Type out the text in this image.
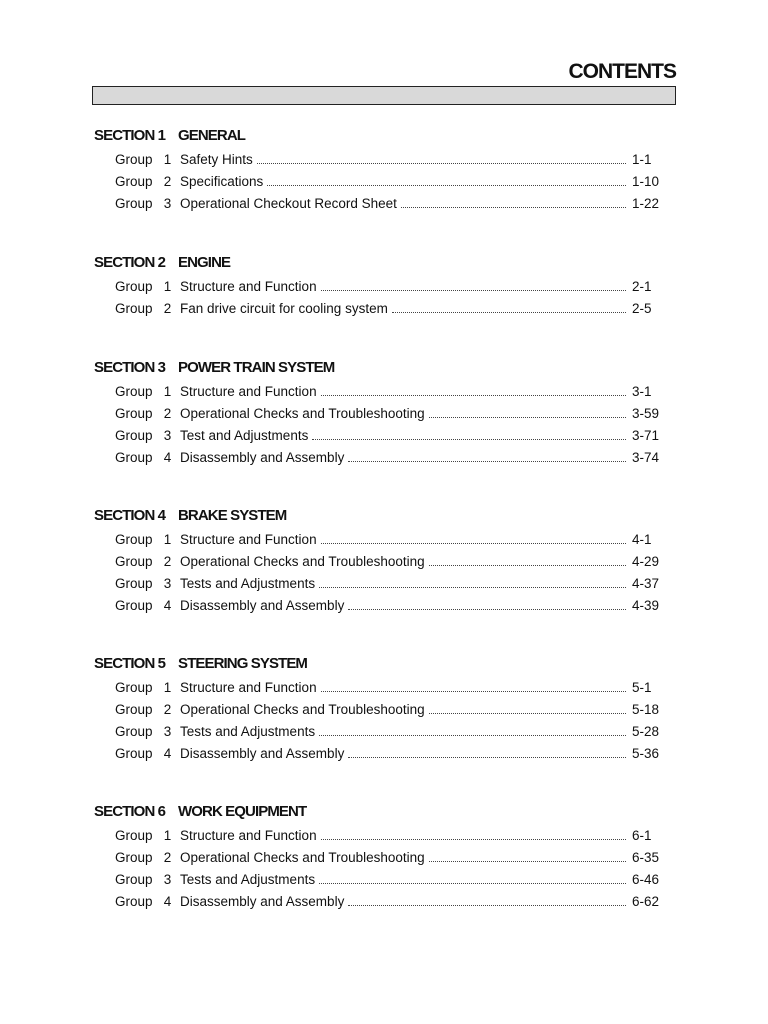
CONTENTS
SECTION 1 GENERAL
Group 1 Safety Hints	1-1
Group 2 Specifications	1-10
Group 3 Operational Checkout Record Sheet	1-22
SECTION 2 ENGINE
Group 1 Structure and Function	2-1
Group 2 Fan drive circuit for cooling system	2-5
SECTION 3 POWER TRAIN SYSTEM
Group 1 Structure and Function	3-1
Group 2 Operational Checks and Troubleshooting	3-59
Group 3 Test and Adjustments	3-71
Group 4 Disassembly and Assembly	3-74
SECTION 4 BRAKE SYSTEM
Group 1 Structure and Function	4-1
Group 2 Operational Checks and Troubleshooting	4-29
Group 3 Tests and Adjustments	4-37
Group 4 Disassembly and Assembly	4-39
SECTION 5 STEERING SYSTEM
Group 1 Structure and Function	5-1
Group 2 Operational Checks and Troubleshooting	5-18
Group 3 Tests and Adjustments	5-28
Group 4 Disassembly and Assembly	5-36
SECTION 6 WORK EQUIPMENT
Group 1 Structure and Function	6-1
Group 2 Operational Checks and Troubleshooting	6-35
Group 3 Tests and Adjustments	6-46
Group 4 Disassembly and Assembly	6-62
